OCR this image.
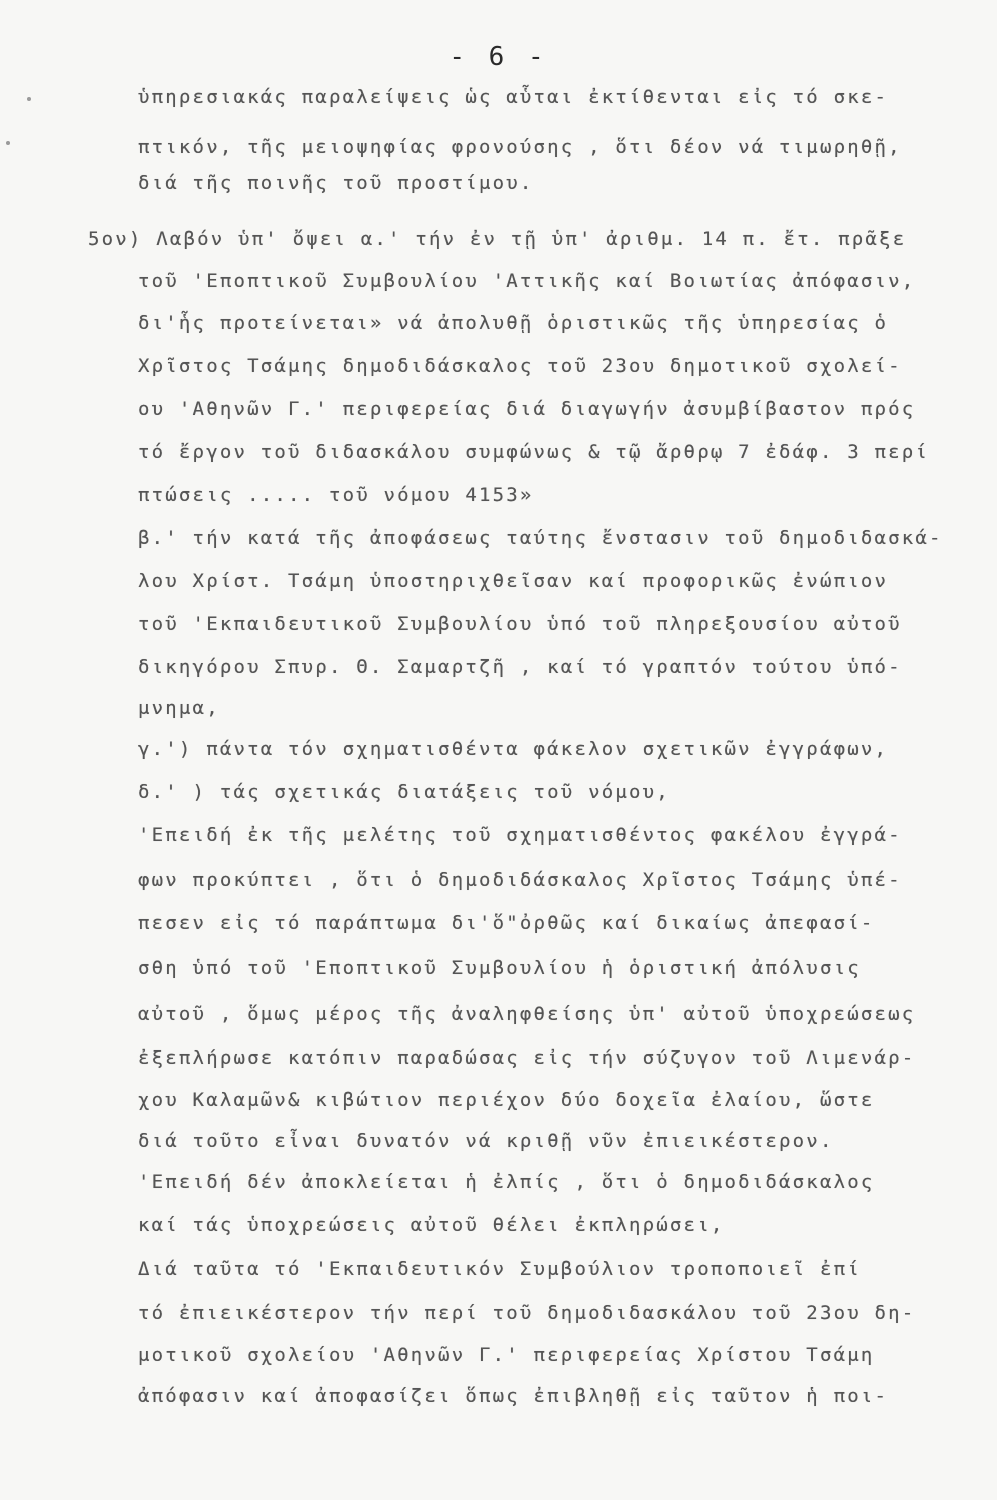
- 6 -
ὑπηρεσιακάς παραλείψεις ὡς αὗται ἐκτίθενται εἰς τό σκε-
πτικόν, τῆς μειοψηφίας φρονούσης , ὅτι δέον νά τιμωρηθῇ,
διά τῆς ποινῆς τοῦ προστίμου.
5ον) Λαβόν ὑπ' ὄψει α.' τήν ἐν τῇ ὑπ' ἀριθμ. 14 π. ἔτ. πρᾶξε
τοῦ 'Εποπτικοῦ Συμβουλίου 'Αττικῆς καί Βοιωτίας ἀπόφασιν,
δι'ἧς προτείνεται» νά ἀπολυθῇ ὁριστικῶς τῆς ὑπηρεσίας ὁ
Χρῖστος Τσάμης δημοδιδάσκαλος τοῦ 23ου δημοτικοῦ σχολεί-
ου 'Αθηνῶν Γ.' περιφερείας διά διαγωγήν ἀσυμβίβαστον πρός
τό ἔργον τοῦ διδασκάλου συμφώνως & τῷ ἄρθρῳ 7 ἐδάφ. 3 περί
πτώσεις ..... τοῦ νόμου 4153»
β.' τήν κατά τῆς ἀποφάσεως ταύτης ἔνστασιν τοῦ δημοδιδασκά-
λου Χρίστ. Τσάμη ὑποστηριχθεῖσαν καί προφορικῶς ἐνώπιον
τοῦ 'Εκπαιδευτικοῦ Συμβουλίου ὑπό τοῦ πληρεξουσίου αὐτοῦ
δικηγόρου Σπυρ. Θ. Σαμαρτζῆ , καί τό γραπτόν τούτου ὑπό-
μνημα,
γ.') πάντα τόν σχηματισθέντα φάκελον σχετικῶν ἐγγράφων,
δ.' ) τάς σχετικάς διατάξεις τοῦ νόμου,
'Επειδή ἐκ τῆς μελέτης τοῦ σχηματισθέντος φακέλου ἐγγρά-
φων προκύπτει , ὅτι ὁ δημοδιδάσκαλος Χρῖστος Τσάμης ὑπέ-
πεσεν εἰς τό παράπτωμα δι'ὅ"ὀρθῶς καί δικαίως ἀπεφασί-
σθη ὑπό τοῦ 'Εποπτικοῦ Συμβουλίου ἡ ὁριστική ἀπόλυσις
αὐτοῦ , ὅμως μέρος τῆς ἀναληφθείσης ὑπ' αὐτοῦ ὑποχρεώσεως
ἐξεπλήρωσε κατόπιν παραδώσας εἰς τήν σύζυγον τοῦ Λιμενάρ-
χου Καλαμῶν& κιβώτιον περιέχον δύο δοχεῖα ἐλαίου, ὥστε
διά τοῦτο εἶναι δυνατόν νά κριθῇ νῦν ἐπιεικέστερον.
'Επειδή δέν ἀποκλείεται ἡ ἐλπίς , ὅτι ὁ δημοδιδάσκαλος
καί τάς ὑποχρεώσεις αὐτοῦ θέλει ἐκπληρώσει,
Διά ταῦτα τό 'Εκπαιδευτικόν Συμβούλιον τροποποιεῖ ἐπί
τό ἐπιεικέστερον τήν περί τοῦ δημοδιδασκάλου τοῦ 23ου δη-
μοτικοῦ σχολείου 'Αθηνῶν Γ.' περιφερείας Χρίστου Τσάμη
ἀπόφασιν καί ἀποφασίζει ὅπως ἐπιβληθῇ εἰς ταῦτον ἡ ποι-
